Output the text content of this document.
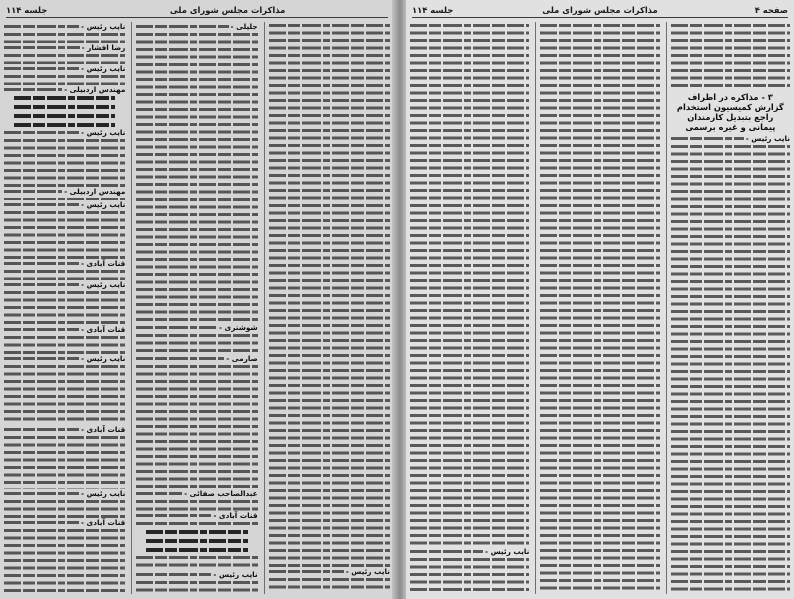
جلسه ۱۱۴	مذاکرات مجلس شورای ملی
نایب رئیس -
جلیلی -
شوشتری -
صارمی -
عبدالصاحب صفائی -
قنات آبادی -
نایب رئیس -
نایب رئیس -
رضا افشار -
نایب رئیس -
مهندس اردبیلی -
نایب رئیس -
مهندس اردبیلی -
نایب رئیس -
قنات آبادی -
نایب رئیس -
قنات آبادی -
نایب رئیس -
قنات آبادی -
نایب رئیس -
قنات آبادی -
جلسه ۱۱۴	مذاکرات مجلس شورای ملی	صفحه ۴
۳ - مذاکره در اطراف
گزارش کمیسیون استخدام
راجع بتبدیل کارمندان
پیمانی و غیره برسمی
نایب رئیس -
نایب رئیس -
